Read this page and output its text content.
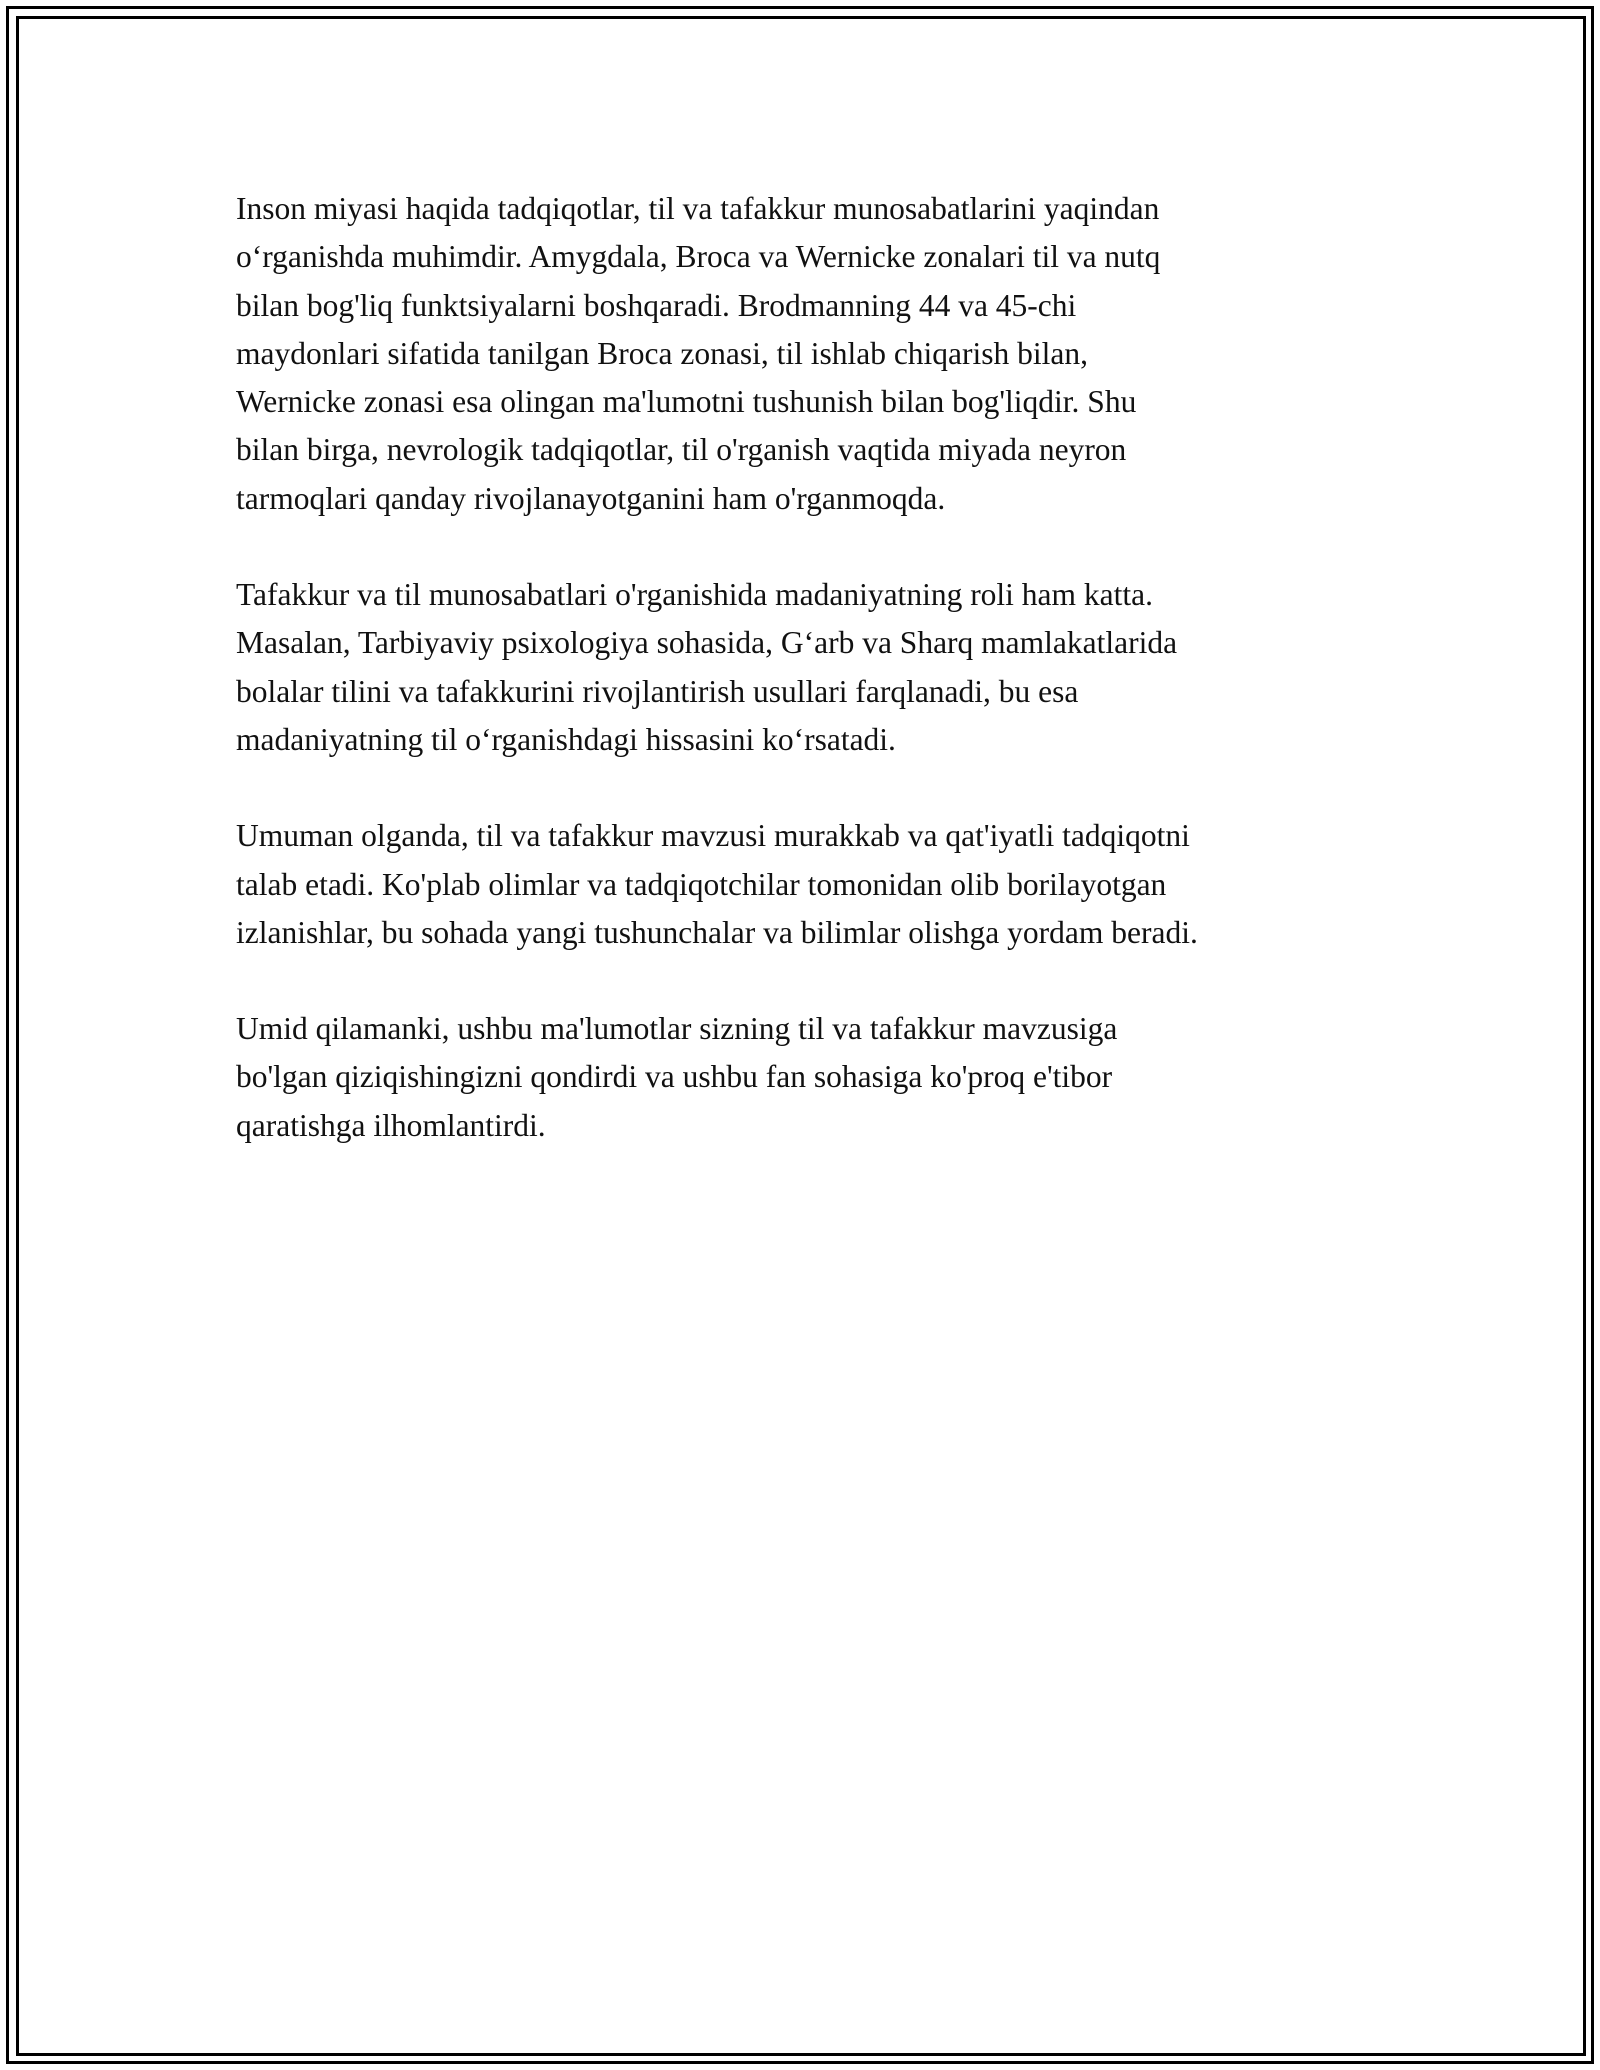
Inson miyasi haqida tadqiqotlar, til va tafakkur munosabatlarini yaqindan
o‘rganishda muhimdir. Amygdala, Broca va Wernicke zonalari til va nutq
bilan bog'liq funktsiyalarni boshqaradi. Brodmanning 44 va 45-chi
maydonlari sifatida tanilgan Broca zonasi, til ishlab chiqarish bilan,
Wernicke zonasi esa olingan ma'lumotni tushunish bilan bog'liqdir. Shu
bilan birga, nevrologik tadqiqotlar, til o'rganish vaqtida miyada neyron
tarmoqlari qanday rivojlanayotganini ham o'rganmoqda.

Tafakkur va til munosabatlari o'rganishida madaniyatning roli ham katta.
Masalan, Tarbiyaviy psixologiya sohasida, G‘arb va Sharq mamlakatlarida
bolalar tilini va tafakkurini rivojlantirish usullari farqlanadi, bu esa
madaniyatning til o‘rganishdagi hissasini ko‘rsatadi.

Umuman olganda, til va tafakkur mavzusi murakkab va qat'iyatli tadqiqotni
talab etadi. Ko'plab olimlar va tadqiqotchilar tomonidan olib borilayotgan
izlanishlar, bu sohada yangi tushunchalar va bilimlar olishga yordam beradi.

Umid qilamanki, ushbu ma'lumotlar sizning til va tafakkur mavzusiga
bo'lgan qiziqishingizni qondirdi va ushbu fan sohasiga ko'proq e'tibor
qaratishga ilhomlantirdi.
